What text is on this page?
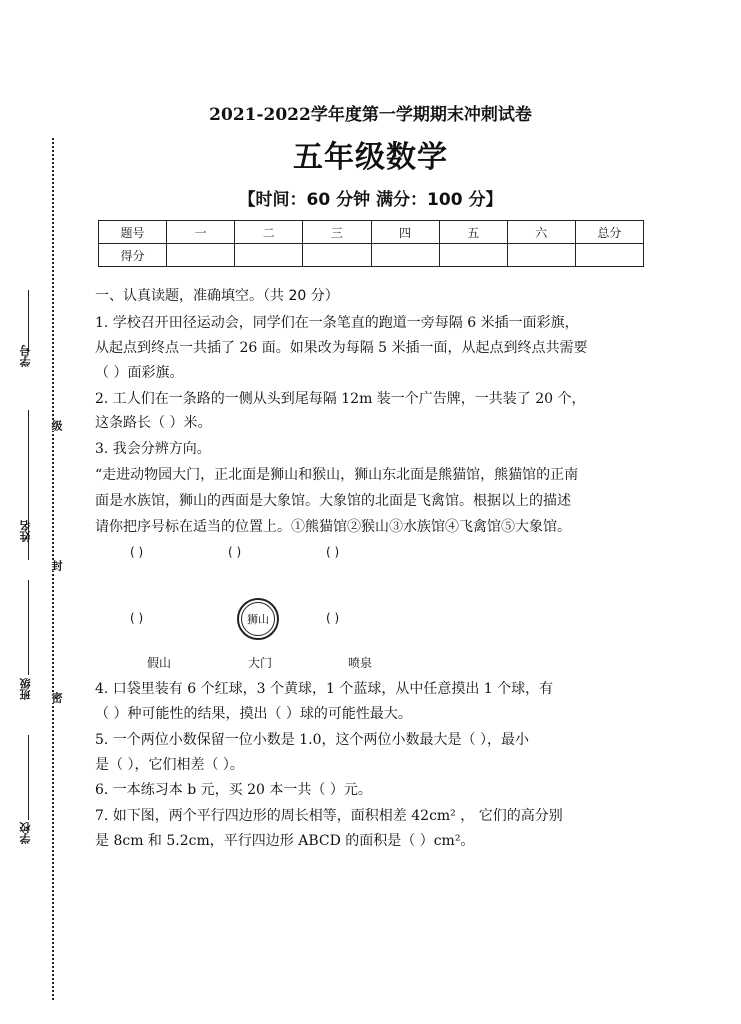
学号
姓名
班级
学校
级
封
密
2021-2022学年度第一学期期末冲刺试卷
五年级数学
【时间：60 分钟 满分：100 分】
题号	一	二	三	四	五	六	总分
得分							
一、认真读题，准确填空。（共 20 分）
1. 学校召开田径运动会，同学们在一条笔直的跑道一旁每隔 6 米插一面彩旗，
从起点到终点一共插了 26 面。如果改为每隔 5 米插一面，从起点到终点共需要
（ ）面彩旗。
2. 工人们在一条路的一侧从头到尾每隔 12m 装一个广告牌，一共装了 20 个，
这条路长（ ）米。
3. 我会分辨方向。
“走进动物园大门，正北面是狮山和猴山，狮山东北面是熊猫馆，熊猫馆的正南
面是水族馆，狮山的西面是大象馆。大象馆的北面是飞禽馆。根据以上的描述
请你把序号标在适当的位置上。①熊猫馆②猴山③水族馆④飞禽馆⑤大象馆。
( )	( )	( )
( )	狮山	( )
假山	大门	喷泉
4. 口袋里装有 6 个红球，3 个黄球，1 个蓝球，从中任意摸出 1 个球，有
（ ）种可能性的结果，摸出（ ）球的可能性最大。
5. 一个两位小数保留一位小数是 1.0，这个两位小数最大是（ ），最小
是（ ），它们相差（ ）。
6. 一本练习本 b 元，买 20 本一共（ ）元。
7. 如下图，两个平行四边形的周长相等，面积相差 42cm² ， 它们的高分别
是 8cm 和 5.2cm，平行四边形 ABCD 的面积是（ ）cm²。
